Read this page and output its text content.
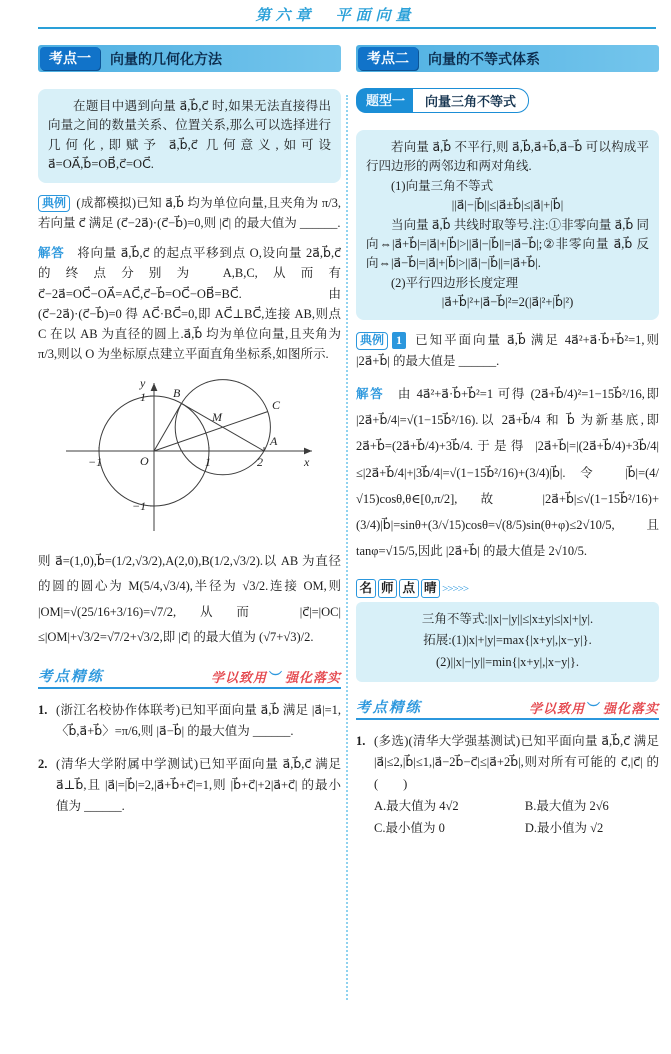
第六章　平面向量
考点一	向量的几何化方法
在题目中遇到向量 a⃗,b⃗,c⃗ 时,如果无法直接得出向量之间的数量关系、位置关系,那么可以选择进行几何化,即赋予 a⃗,b⃗,c⃗ 几何意义,如可设 a⃗=OA⃗,b⃗=OB⃗,c⃗=OC⃗.

典例 (成都模拟)已知 a⃗,b⃗ 均为单位向量,且夹角为 π/3,若向量 c⃗ 满足 (c⃗−2a⃗)·(c⃗−b⃗)=0,则 |c⃗| 的最大值为 ______.

解答 将向量 a⃗,b⃗,c⃗ 的起点平移到点 O,设向量 2a⃗,b⃗,c⃗ 的终点分别为 A,B,C,从而有 c⃗−2a⃗=OC⃗−OA⃗=AC⃗,c⃗−b⃗=OC⃗−OB⃗=BC⃗.由 (c⃗−2a⃗)·(c⃗−b⃗)=0 得 AC⃗·BC⃗=0,即 AC⃗⊥BC⃗,连接 AB,则点 C 在以 AB 为直径的圆上.a⃗,b⃗ 均为单位向量,且夹角为 π/3,则以 O 为坐标原点建立平面直角坐标系,如图所示.

y
x
O
B
A
C
M
−1	1	2
1
−1

则 a⃗=(1,0),b⃗=(1/2,√3/2),A(2,0),B(1/2,√3/2).以 AB 为直径的圆的圆心为 M(5/4,√3/4),半径为 √3/2.连接 OM,则 |OM|=√(25/16+3/16)=√7/2,从而 |c⃗|=|OC|≤|OM|+√3/2=√7/2+√3/2,即 |c⃗| 的最大值为 (√7+√3)/2.

考点精练	学以致用 ︶ 强化落实
1. (浙江名校协作体联考)已知平面向量 a⃗,b⃗ 满足 |a⃗|=1,〈b⃗,a⃗+b⃗〉=π/6,则 |a⃗−b⃗| 的最大值为 ______.
2. (清华大学附属中学测试)已知平面向量 a⃗,b⃗,c⃗ 满足 a⃗⊥b⃗,且 |a⃗|=|b⃗|=2,|a⃗+b⃗+c⃗|=1,则 |b⃗+c⃗|+2|a⃗+c⃗| 的最小值为 ______.
考点二	向量的不等式体系
题型一	向量三角不等式
若向量 a⃗,b⃗ 不平行,则 a⃗,b⃗,a⃗+b⃗,a⃗−b⃗ 可以构成平行四边形的两邻边和两对角线.
(1)向量三角不等式
||a⃗|−|b⃗||≤|a⃗±b⃗|≤|a⃗|+|b⃗|
当向量 a⃗,b⃗ 共线时取等号.注:①非零向量 a⃗,b⃗ 同向⇔|a⃗+b⃗|=|a⃗|+|b⃗|>||a⃗|−|b⃗||=|a⃗−b⃗|;②非零向量 a⃗,b⃗ 反向⇔|a⃗−b⃗|=|a⃗|+|b⃗|>||a⃗|−|b⃗||=|a⃗+b⃗|.
(2)平行四边形长度定理
|a⃗+b⃗|²+|a⃗−b⃗|²=2(|a⃗|²+|b⃗|²)

典例 1 已知平面向量 a⃗,b⃗ 满足 4a⃗²+a⃗·b⃗+b⃗²=1,则 |2a⃗+b⃗| 的最大值是 ______.

解答 由 4a⃗²+a⃗·b⃗+b⃗²=1 可得 (2a⃗+b⃗/4)²=1−15b⃗²/16,即 |2a⃗+b⃗/4|=√(1−15b⃗²/16).以 2a⃗+b⃗/4 和 b⃗ 为新基底,即 2a⃗+b⃗=(2a⃗+b⃗/4)+3b⃗/4.于是得 |2a⃗+b⃗|=|(2a⃗+b⃗/4)+3b⃗/4|≤|2a⃗+b⃗/4|+|3b⃗/4|=√(1−15b⃗²/16)+(3/4)|b⃗|.令 |b⃗|=(4/√15)cosθ,θ∈[0,π/2],故 |2a⃗+b⃗|≤√(1−15b⃗²/16)+(3/4)|b⃗|=sinθ+(3/√15)cosθ=√(8/5)sin(θ+φ)≤2√10/5,且 tanφ=√15/5,因此 |2a⃗+b⃗| 的最大值是 2√10/5.

名 师 点 晴 >>>>>
三角不等式:||x|−|y||≤|x±y|≤|x|+|y|.
拓展:(1)|x|+|y|=max{|x+y|,|x−y|}.
(2)||x|−|y||=min{|x+y|,|x−y|}.
考点精练	学以致用 ︶ 强化落实
1. (多选)(清华大学强基测试)已知平面向量 a⃗,b⃗,c⃗ 满足 |a⃗|≤2,|b⃗|≤1,|a⃗−2b⃗−c⃗|≤|a⃗+2b⃗|,则对所有可能的 c⃗,|c⃗| 的(　　)
A.最大值为 4√2	B.最大值为 2√6
C.最小值为 0	D.最小值为 √2
